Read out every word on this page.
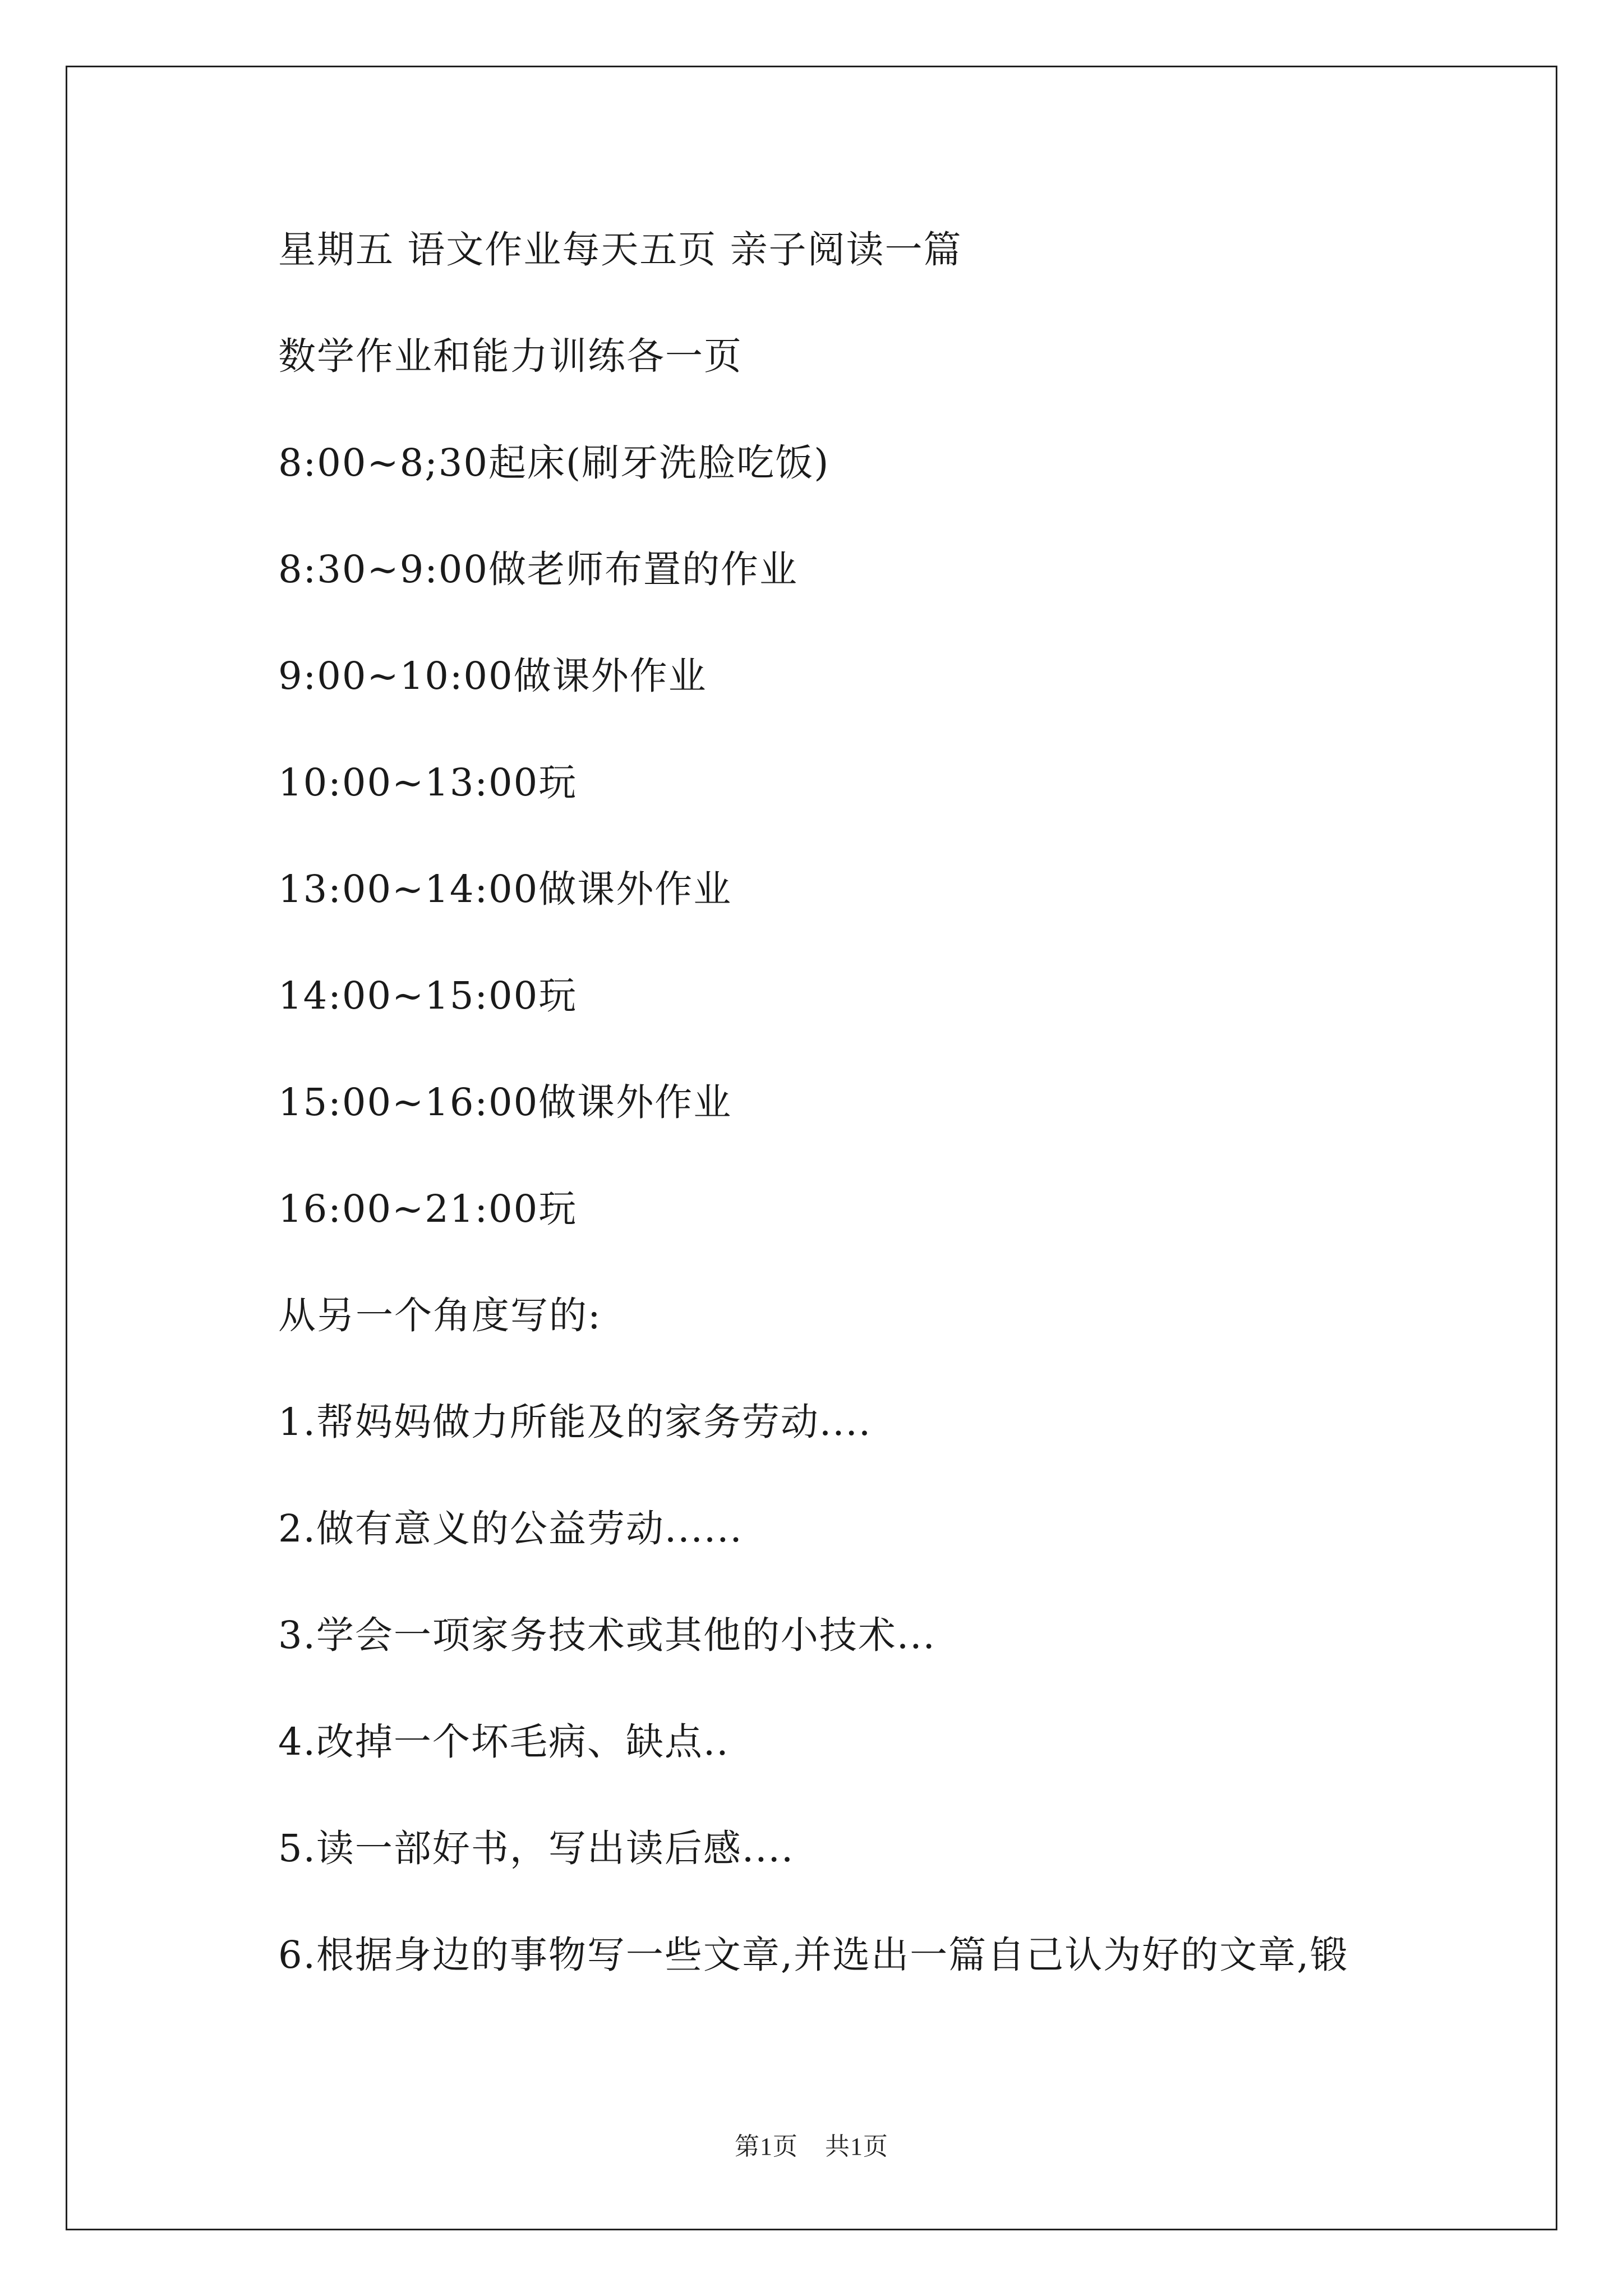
星期五 语文作业每天五页 亲子阅读一篇
数学作业和能力训练各一页
8:00~8;30起床(刷牙洗脸吃饭)
8:30~9:00做老师布置的作业
9:00~10:00做课外作业
10:00~13:00玩
13:00~14:00做课外作业
14:00~15:00玩
15:00~16:00做课外作业
16:00~21:00玩
从另一个角度写的:
1.帮妈妈做力所能及的家务劳动....
2.做有意义的公益劳动......
3.学会一项家务技术或其他的小技术...
4.改掉一个坏毛病、缺点..
5.读一部好书，写出读后感....
6.根据身边的事物写一些文章,并选出一篇自己认为好的文章,锻
第1页 共1页
